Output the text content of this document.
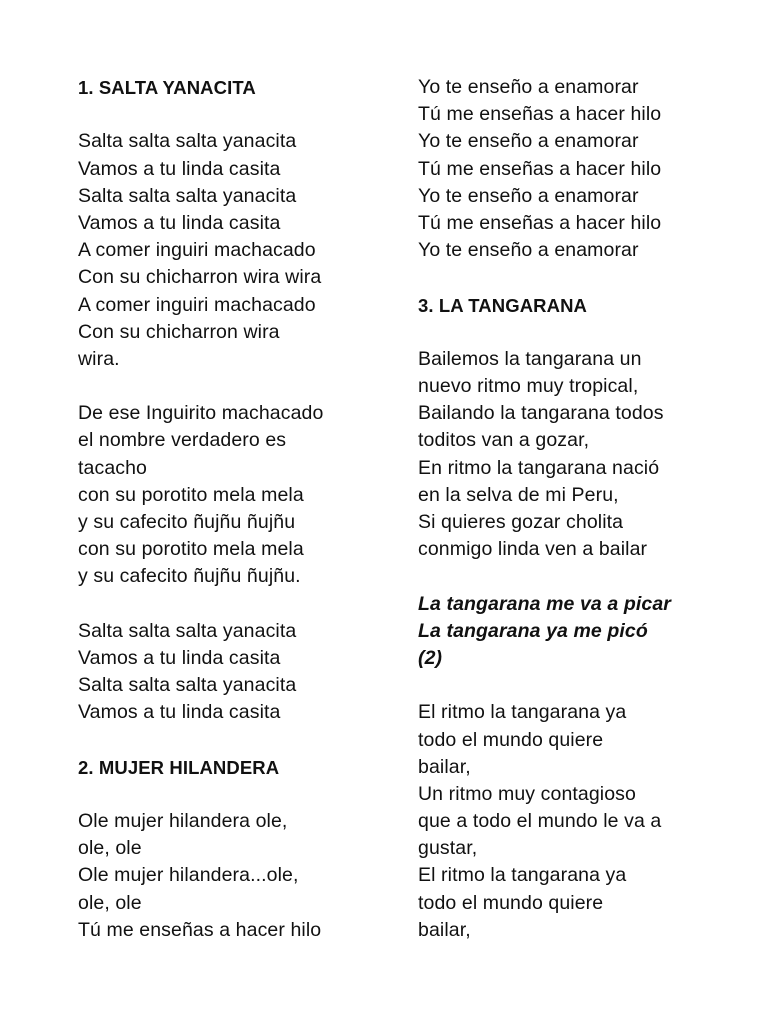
1. SALTA YANACITA
Salta salta salta yanacita
Vamos a tu linda casita
Salta salta salta yanacita
Vamos a tu linda casita
A comer inguiri machacado
Con su chicharron wira wira
A comer inguiri machacado
Con su chicharron wira
wira.
De ese Inguirito machacado
el nombre verdadero es
tacacho
con su porotito mela mela
y su cafecito ñujñu ñujñu
con su porotito mela mela
y su cafecito ñujñu ñujñu.
Salta salta salta yanacita
Vamos a tu linda casita
Salta salta salta yanacita
Vamos a tu linda casita
2. MUJER HILANDERA
Ole mujer hilandera ole,
ole, ole
Ole mujer hilandera...ole,
ole, ole
Tú me enseñas a hacer hilo
Yo te enseño a enamorar
Tú me enseñas a hacer hilo
Yo te enseño a enamorar
Tú me enseñas a hacer hilo
Yo te enseño a enamorar
Tú me enseñas a hacer hilo
Yo te enseño a enamorar
3. LA TANGARANA
Bailemos la tangarana un
nuevo ritmo muy tropical,
Bailando la tangarana todos
toditos van a gozar,
En ritmo la tangarana nació
en la selva de mi Peru,
Si quieres gozar cholita
conmigo linda ven a bailar
La tangarana me va a picar
La tangarana ya me picó
(2)
El ritmo la tangarana ya
todo el mundo quiere
bailar,
Un ritmo muy contagioso
que a todo el mundo le va a
gustar,
El ritmo la tangarana ya
todo el mundo quiere
bailar,
